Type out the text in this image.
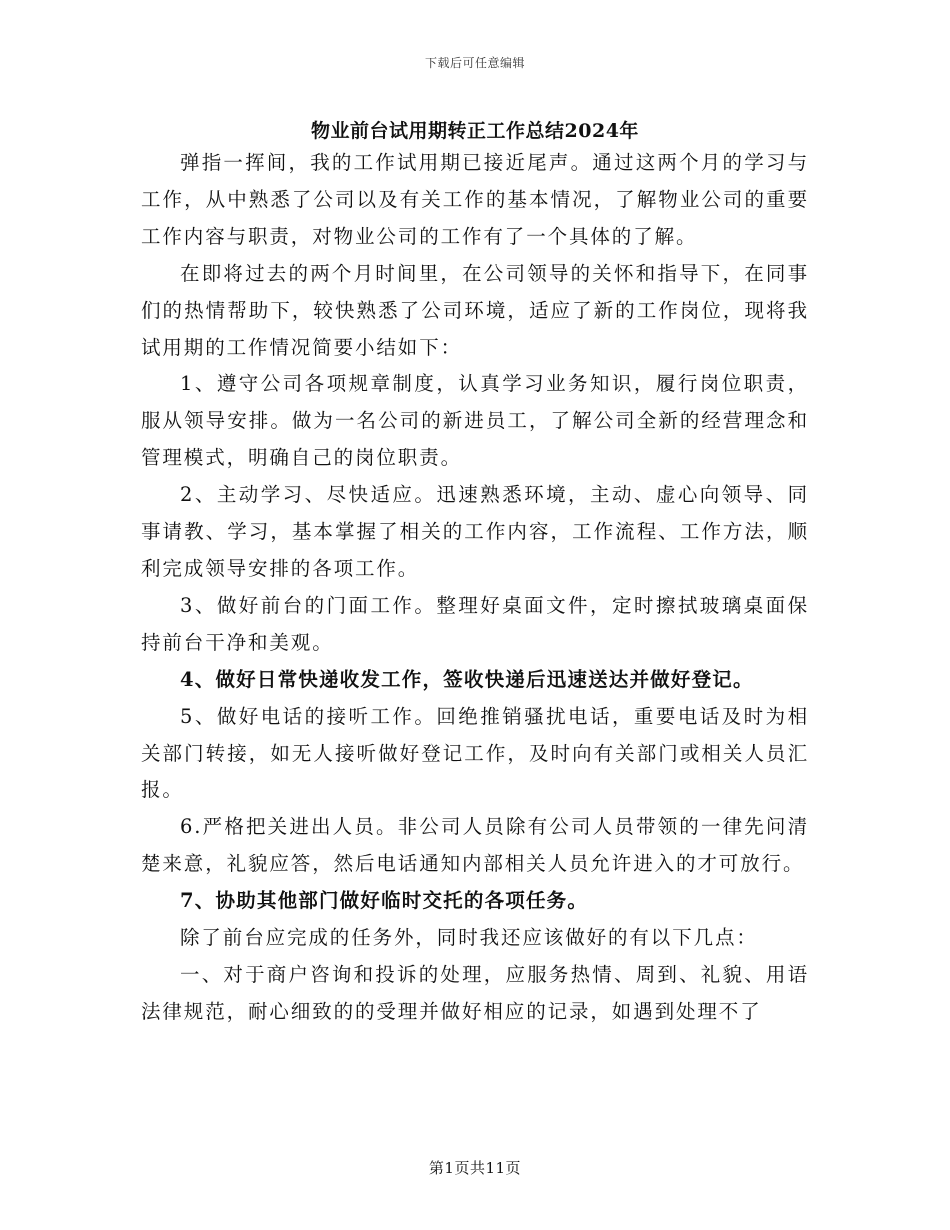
下载后可任意编辑
物业前台试用期转正工作总结2024年

弹指一挥间，我的工作试用期已接近尾声。通过这两个月的学习与工作，从中熟悉了公司以及有关工作的基本情况，了解物业公司的重要工作内容与职责，对物业公司的工作有了一个具体的了解。

在即将过去的两个月时间里，在公司领导的关怀和指导下，在同事们的热情帮助下，较快熟悉了公司环境，适应了新的工作岗位，现将我试用期的工作情况简要小结如下：

1、遵守公司各项规章制度，认真学习业务知识，履行岗位职责，服从领导安排。做为一名公司的新进员工，了解公司全新的经营理念和管理模式，明确自己的岗位职责。

2、主动学习、尽快适应。迅速熟悉环境，主动、虚心向领导、同事请教、学习，基本掌握了相关的工作内容，工作流程、工作方法，顺利完成领导安排的各项工作。

3、做好前台的门面工作。整理好桌面文件，定时擦拭玻璃桌面保持前台干净和美观。

4、做好日常快递收发工作，签收快递后迅速送达并做好登记。

5、做好电话的接听工作。回绝推销骚扰电话，重要电话及时为相关部门转接，如无人接听做好登记工作，及时向有关部门或相关人员汇报。

6.严格把关进出人员。非公司人员除有公司人员带领的一律先问清楚来意，礼貌应答，然后电话通知内部相关人员允许进入的才可放行。

7、协助其他部门做好临时交托的各项任务。

除了前台应完成的任务外，同时我还应该做好的有以下几点：

一、对于商户咨询和投诉的处理，应服务热情、周到、礼貌、用语法律规范，耐心细致的的受理并做好相应的记录，如遇到处理不了

第1页共11页
